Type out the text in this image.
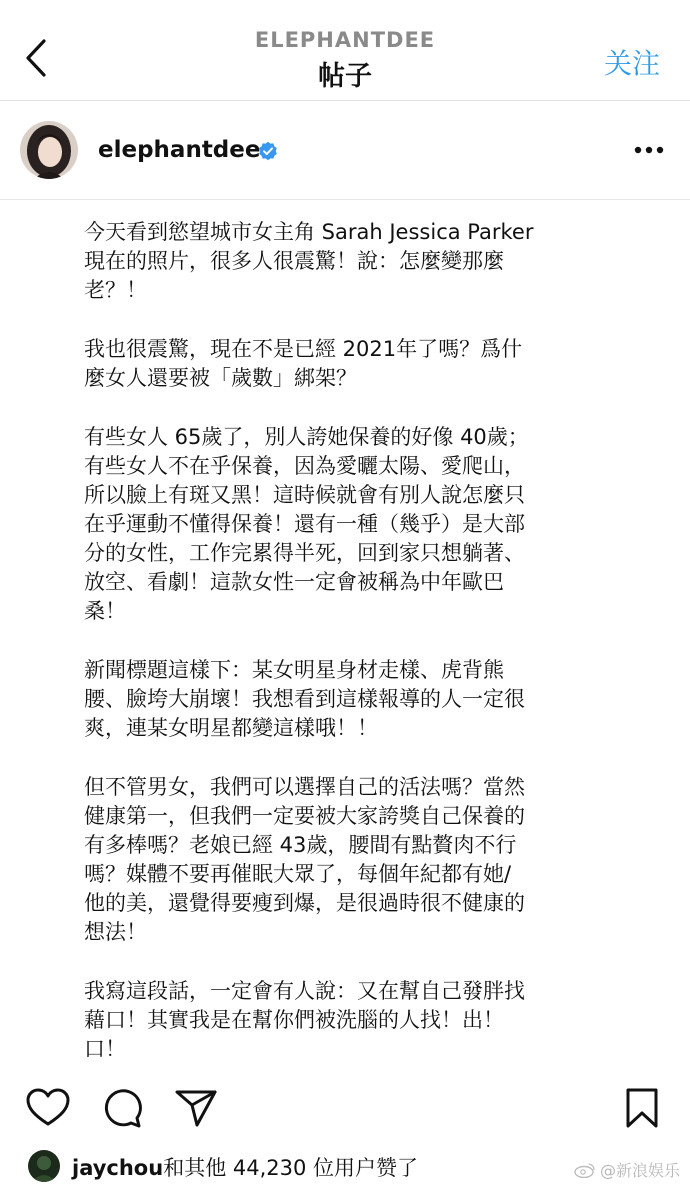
ELEPHANTDEE
帖子	关注
elephantdee

今天看到慾望城市女主角 Sarah Jessica Parker
現在的照片，很多人很震驚！說：怎麼變那麼
老？！

我也很震驚，現在不是已經 2021年了嗎？爲什
麼女人還要被「歲數」綁架？

有些女人 65歲了，別人誇她保養的好像 40歲；
有些女人不在乎保養，因為愛曬太陽、愛爬山，
所以臉上有斑又黑！這時候就會有別人說怎麼只
在乎運動不懂得保養！還有一種（幾乎）是大部
分的女性，工作完累得半死，回到家只想躺著、
放空、看劇！這款女性一定會被稱為中年歐巴
桑！

新聞標題這樣下：某女明星身材走樣、虎背熊
腰、臉垮大崩壞！我想看到這樣報導的人一定很
爽，連某女明星都變這樣哦！！

但不管男女，我們可以選擇自己的活法嗎？當然
健康第一，但我們一定要被大家誇獎自己保養的
有多棒嗎？老娘已經 43歲，腰間有點贅肉不行
嗎？媒體不要再催眠大眾了，每個年紀都有她/
他的美，還覺得要瘦到爆，是很過時很不健康的
想法！

我寫這段話，一定會有人說：又在幫自己發胖找
藉口！其實我是在幫你們被洗腦的人找！出！
口！

jaychou和其他 44,230 位用户赞了	@新浪娱乐
